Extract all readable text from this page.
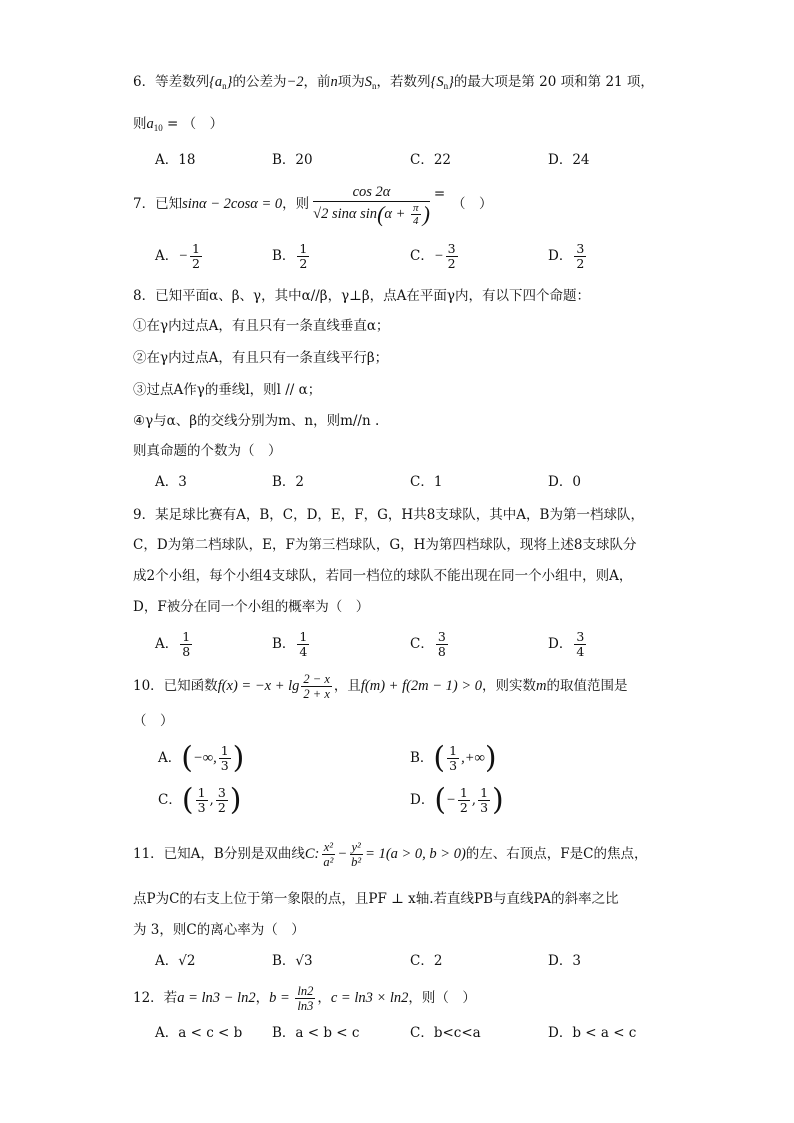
6．等差数列$\{a_n\}$的公差为−2，前n项为$S_n$，若数列$\{S_n\}$的最大项是第 20 项和第 21 项，
则$a_{10}$ = （　）
A．18	B．20	C．22	D．24
7．已知sinα − 2cosα = 0，则 $\frac{\cos 2\alpha}{√2 \sin\alpha \sin(\alpha + \frac{\pi}{4} )}$ =　（　）
A．− $\frac{1}{2}$	B． $\frac{1}{2}$	C．− $\frac{3}{2}$	D． $\frac{3}{2}$
8．已知平面α、β、γ，其中α//β，γ⊥β，点A在平面γ内，有以下四个命题：
①在γ内过点A，有且只有一条直线垂直α；
②在γ内过点A，有且只有一条直线平行β；
③过点A作γ的垂线l，则l // α；
④γ与α、β的交线分别为m、n，则m//n .
则真命题的个数为（　）
A．3	B．2	C．1	D．0
9．某足球比赛有A，B，C，D，E，F，G，H共8支球队，其中A，B为第一档球队，
C，D为第二档球队，E，F为第三档球队，G，H为第四档球队，现将上述8支球队分
成2个小组，每个小组4支球队，若同一档位的球队不能出现在同一个小组中，则A，
D，F被分在同一个小组的概率为（　）
A． $\frac{1}{8}$	B． $\frac{1}{4}$	C． $\frac{3}{8}$	D． $\frac{3}{4}$
10．已知函数$f(x) = -x + \lg \frac{2 - x}{2 + x}$ ，且f(m) + f(2m − 1) > 0，则实数m的取值范围是
（　）
A．(−∞, $\frac{1}{3}$ )	B．( $\frac{1}{3}$ ,+∞)
C．( $\frac{1}{3}$ , $\frac{3}{2}$ )	D．(− $\frac{1}{2}$ , $\frac{1}{3}$ )
11．已知A，B分别是双曲线C: $\frac{\text{x²}}{\text{a²}} - \frac{\text{y²}}{\text{b²}} = 1(a > 0$, b > 0)的左、右顶点，F是C的焦点，
点P为C的右支上位于第一象限的点，且PF ⊥ x轴.若直线PB与直线PA的斜率之比
为 3，则C的离心率为（　）
A．√2	B．√3	C．2	D．3
12．若a = ln3 − ln2，$b = \frac{\ln 2}{\ln 3}$ ，c = ln3 × ln2，则（　）
A．a < c < b B．a < b < c	C．b<c<a	D．b < a < c
